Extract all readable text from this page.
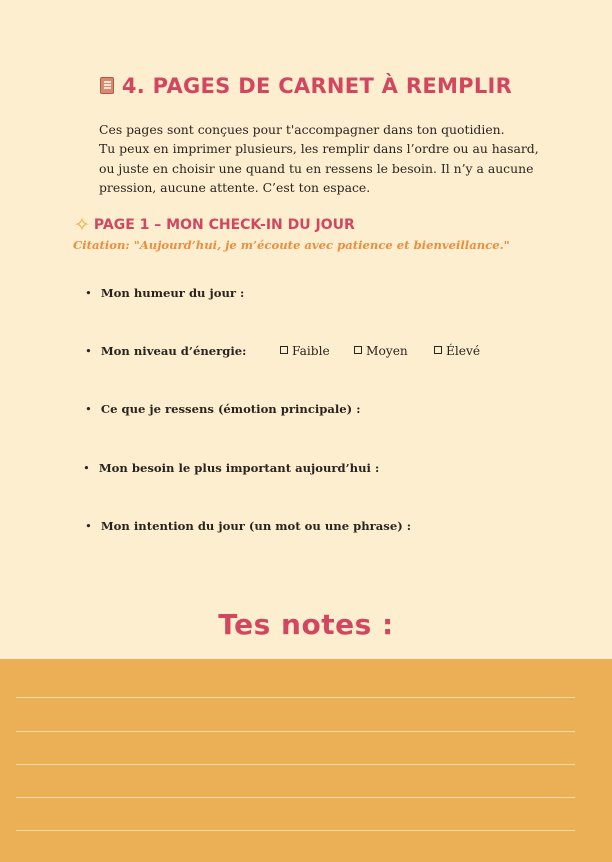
4. PAGES DE CARNET À REMPLIR

Ces pages sont conçues pour t'accompagner dans ton quotidien.

Tu peux en imprimer plusieurs, les remplir dans l’ordre ou au hasard, ou juste en choisir une quand tu en ressens le besoin. Il n’y a aucune pression, aucune attente. C’est ton espace.

✧ PAGE 1 – MON CHECK-IN DU JOUR
Citation: "Aujourd’hui, je m’écoute avec patience et bienveillance."
• Mon humeur du jour :
• Mon niveau d’énergie:	Faible	Moyen	Élevé
• Ce que je ressens (émotion principale) :
• Mon besoin le plus important aujourd’hui :
• Mon intention du jour (un mot ou une phrase) :
Tes notes :
